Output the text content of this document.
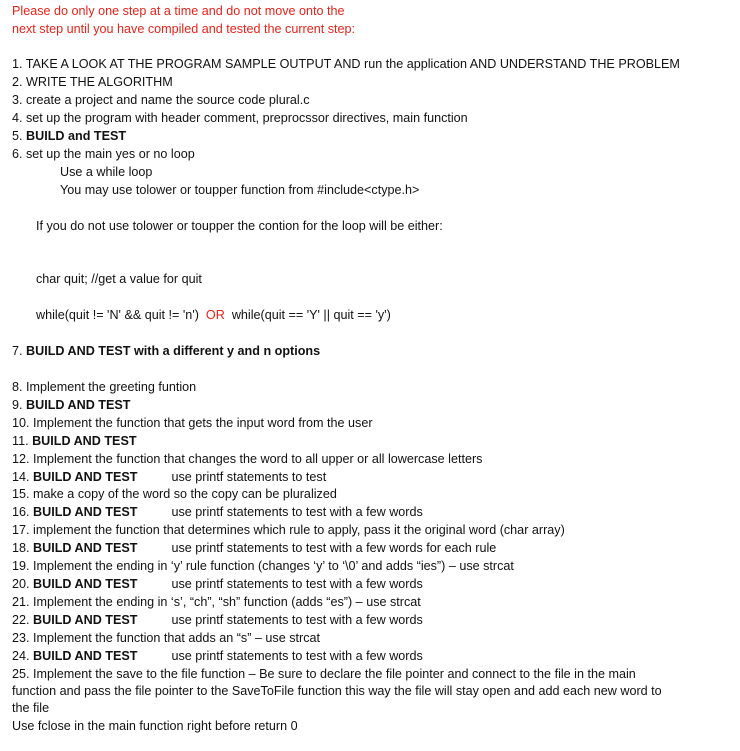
Please do only one step at a time and do not move onto the
next step until you have compiled and tested the current step:
1. TAKE A LOOK AT THE PROGRAM SAMPLE OUTPUT AND run the application AND UNDERSTAND THE PROBLEM
2. WRITE THE ALGORITHM
3. create a project and name the source code plural.c
4. set up the program with header comment, preprocssor directives, main function
5. BUILD and TEST
6. set up the main yes or no loop
Use a while loop
You may use tolower or toupper function from #include<ctype.h>
If you do not use tolower or toupper the contion for the loop will be either:
char quit; //get a value for quit
while(quit != 'N' && quit != 'n') OR while(quit == 'Y' || quit == 'y')
7. BUILD AND TEST with a different y and n options
8. Implement the greeting funtion
9. BUILD AND TEST
10. Implement the function that gets the input word from the user
11. BUILD AND TEST
12. Implement the function that changes the word to all upper or all lowercase letters
14. BUILD AND TEST	use printf statements to test
15. make a copy of the word so the copy can be pluralized
16. BUILD AND TEST	use printf statements to test with a few words
17. implement the function that determines which rule to apply, pass it the original word (char array)
18. BUILD AND TEST	use printf statements to test with a few words for each rule
19. Implement the ending in ‘y’ rule function (changes ‘y’ to ‘\0’ and adds “ies”) – use strcat
20. BUILD AND TEST	use printf statements to test with a few words
21. Implement the ending in ‘s’, “ch”, “sh” function (adds “es”) – use strcat
22. BUILD AND TEST	use printf statements to test with a few words
23. Implement the function that adds an “s” – use strcat
24. BUILD AND TEST	use printf statements to test with a few words
25. Implement the save to the file function – Be sure to declare the file pointer and connect to the file in the main
function and pass the file pointer to the SaveToFile function this way the file will stay open and add each new word to
the file
Use fclose in the main function right before return 0
